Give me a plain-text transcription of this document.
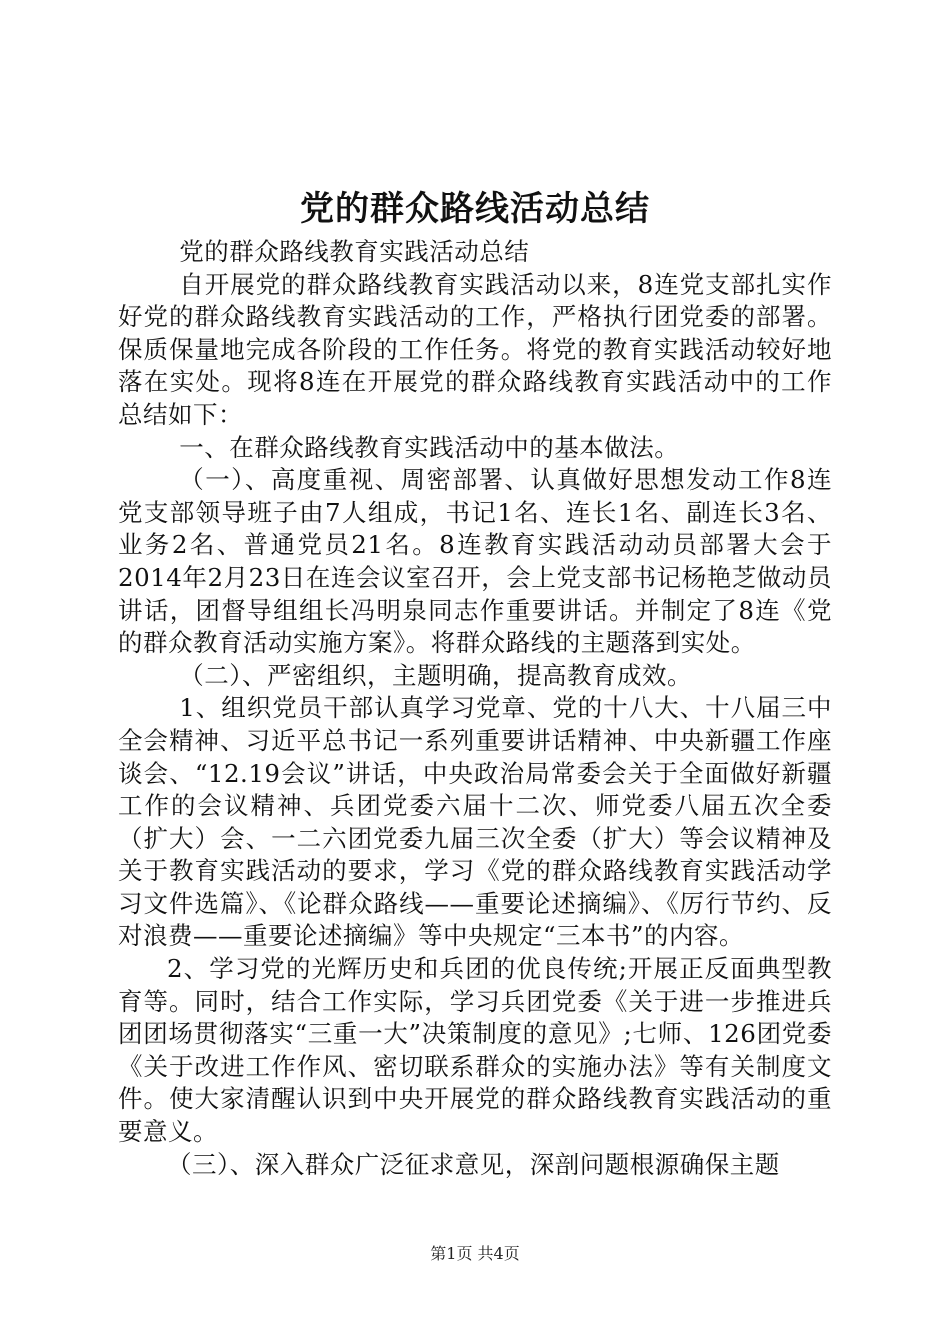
党的群众路线活动总结

党的群众路线教育实践活动总结

自开展党的群众路线教育实践活动以来，8连党支部扎实作好党的群众路线教育实践活动的工作，严格执行团党委的部署。保质保量地完成各阶段的工作任务。将党的教育实践活动较好地落在实处。现将8连在开展党的群众路线教育实践活动中的工作总结如下：

一、在群众路线教育实践活动中的基本做法。

（一）、高度重视、周密部署、认真做好思想发动工作8连党支部领导班子由7人组成，书记1名、连长1名、副连长3名、业务2名、普通党员21名。8连教育实践活动动员部署大会于2014年2月23日在连会议室召开，会上党支部书记杨艳芝做动员讲话，团督导组组长冯明泉同志作重要讲话。并制定了8连《党的群众教育活动实施方案》。将群众路线的主题落到实处。

（二）、严密组织，主题明确，提高教育成效。

1、组织党员干部认真学习党章、党的十八大、十八届三中全会精神、习近平总书记一系列重要讲话精神、中央新疆工作座谈会、“12.19会议”讲话，中央政治局常委会关于全面做好新疆工作的会议精神、兵团党委六届十二次、师党委八届五次全委（扩大）会、一二六团党委九届三次全委（扩大）等会议精神及关于教育实践活动的要求，学习《党的群众路线教育实践活动学习文件选篇》、《论群众路线——重要论述摘编》、《厉行节约、反对浪费——重要论述摘编》等中央规定“三本书”的内容。

2、学习党的光辉历史和兵团的优良传统;开展正反面典型教育等。同时，结合工作实际，学习兵团党委《关于进一步推进兵团团场贯彻落实“三重一大”决策制度的意见》;七师、126团党委《关于改进工作作风、密切联系群众的实施办法》等有关制度文件。使大家清醒认识到中央开展党的群众路线教育实践活动的重要意义。

（三）、深入群众广泛征求意见，深剖问题根源确保主题

第1页 共4页
